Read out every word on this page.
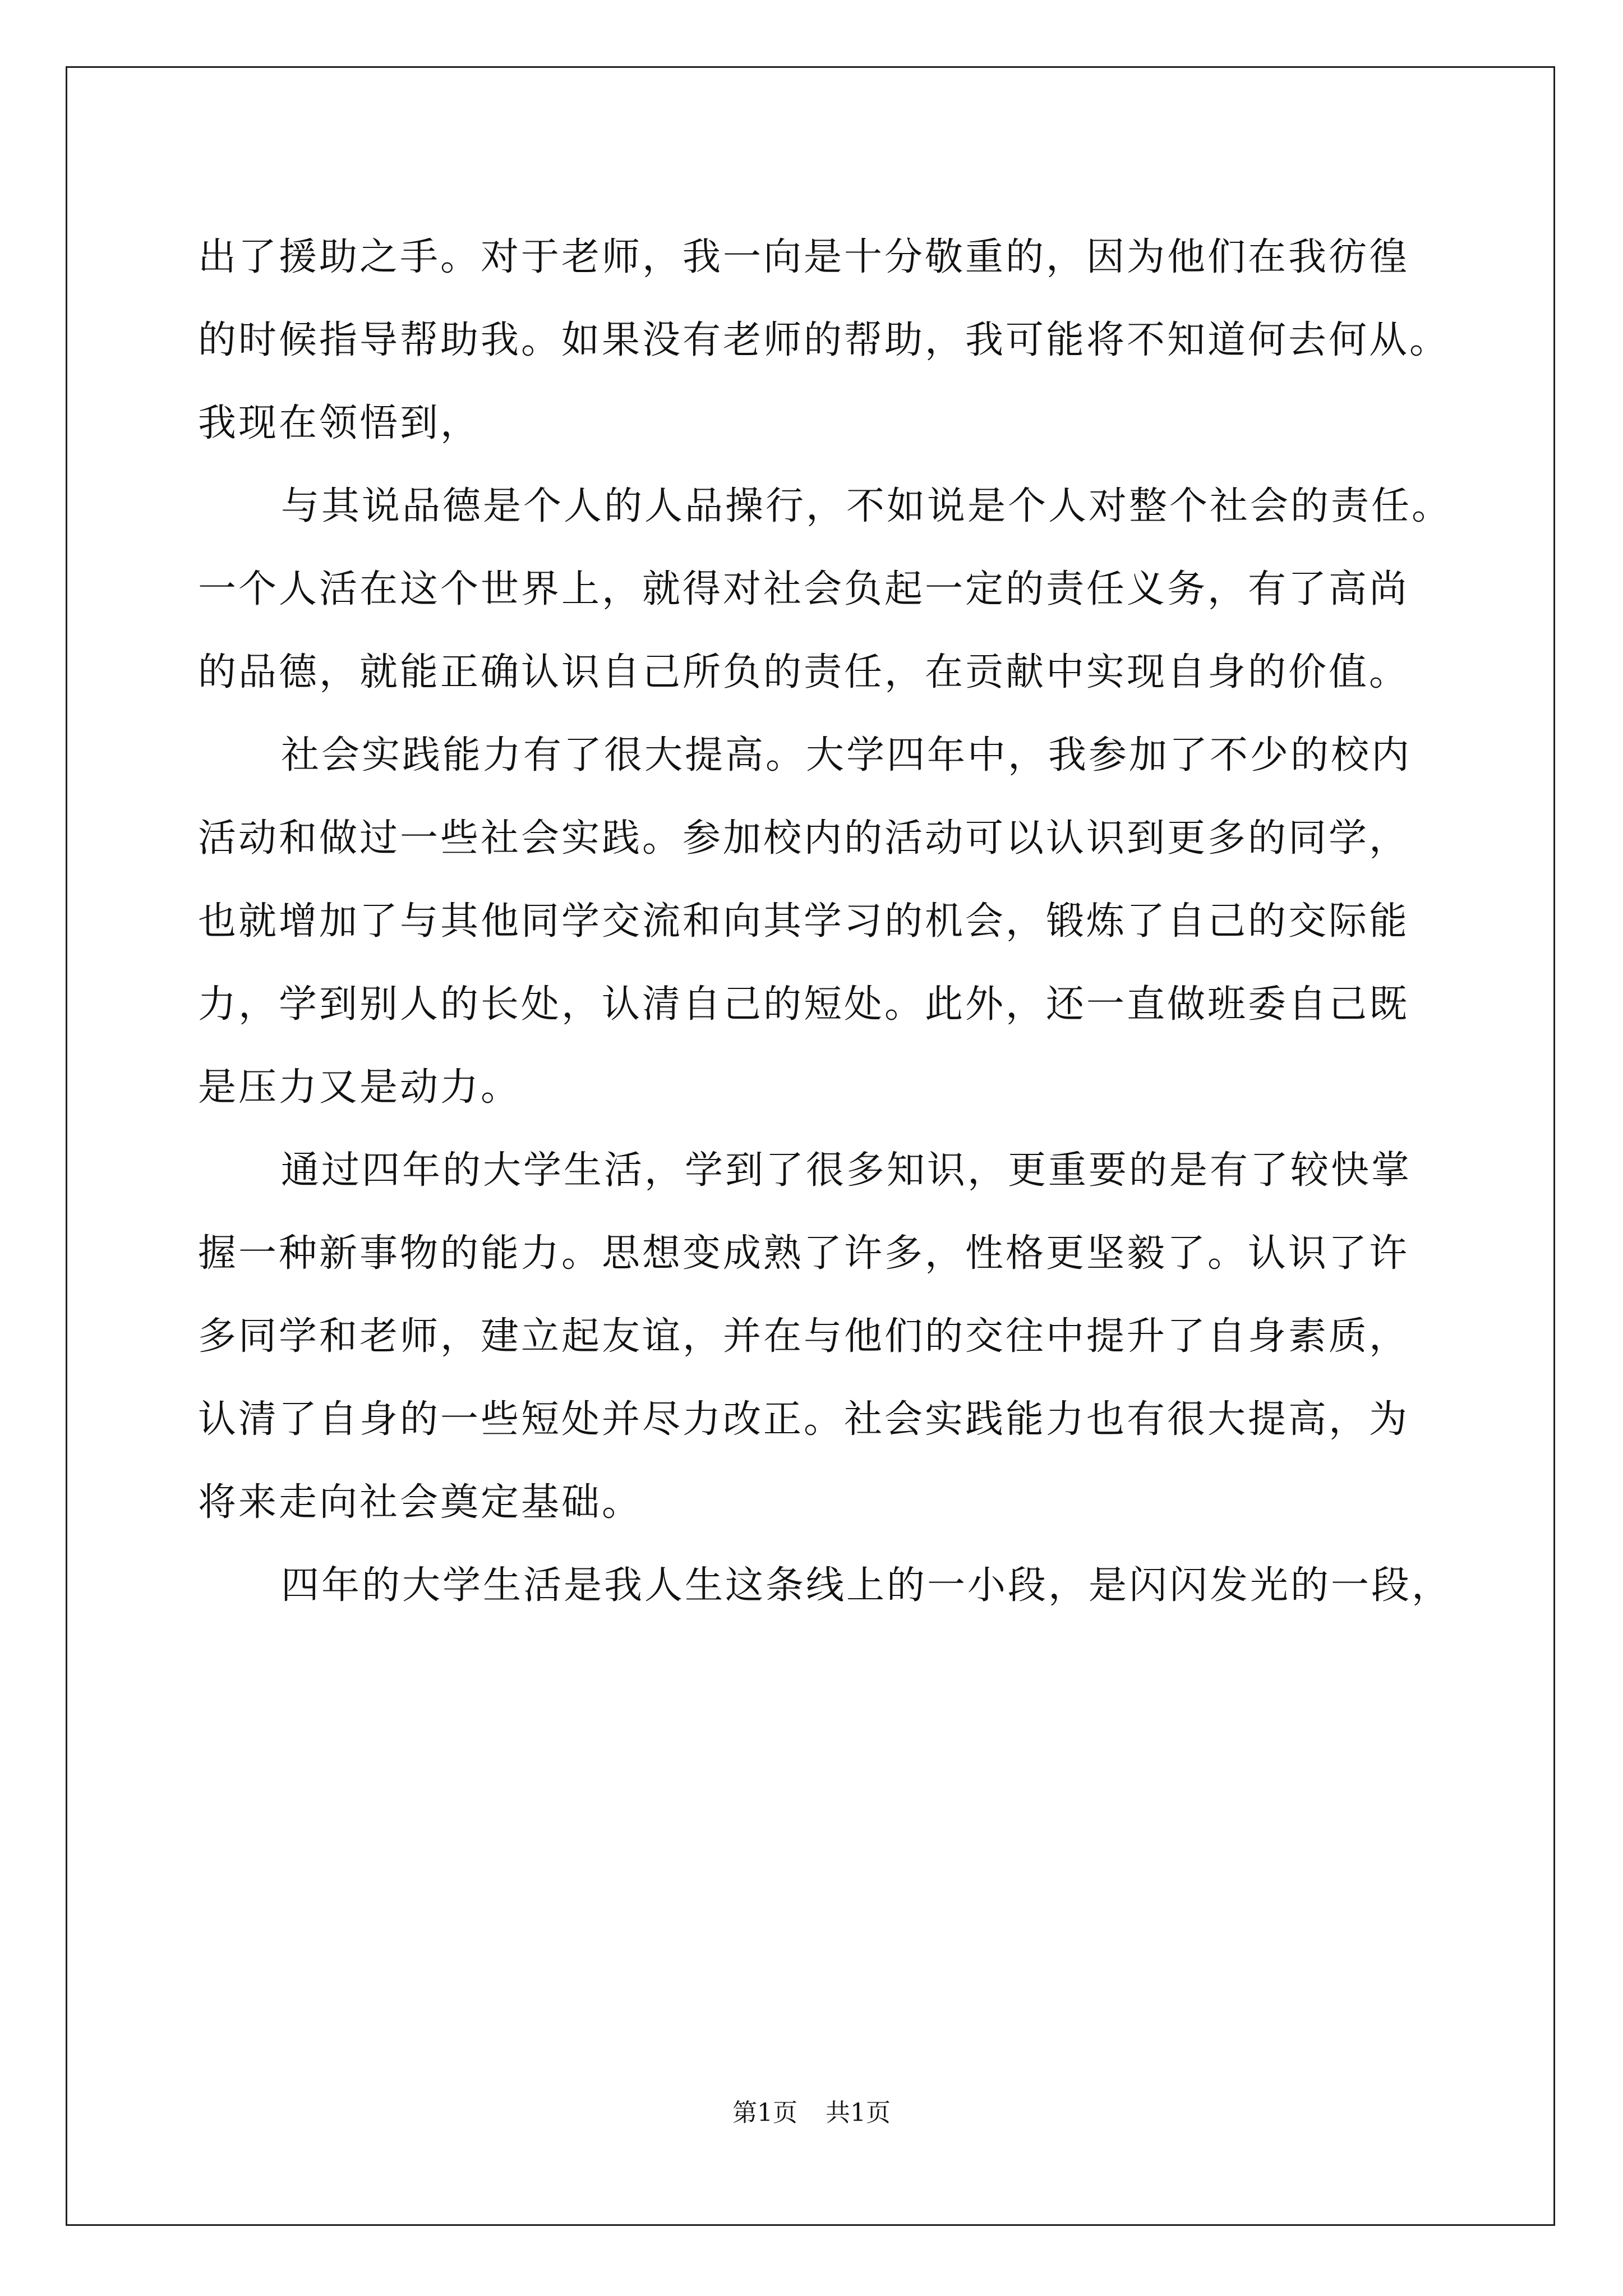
出了援助之手。对于老师，我一向是十分敬重的，因为他们在我彷徨
的时候指导帮助我。如果没有老师的帮助，我可能将不知道何去何从。
我现在领悟到，
与其说品德是个人的人品操行，不如说是个人对整个社会的责任。
一个人活在这个世界上，就得对社会负起一定的责任义务，有了高尚
的品德，就能正确认识自己所负的责任，在贡献中实现自身的价值。
社会实践能力有了很大提高。大学四年中，我参加了不少的校内
活动和做过一些社会实践。参加校内的活动可以认识到更多的同学，
也就增加了与其他同学交流和向其学习的机会，锻炼了自己的交际能
力，学到别人的长处，认清自己的短处。此外，还一直做班委自己既
是压力又是动力。
通过四年的大学生活，学到了很多知识，更重要的是有了较快掌
握一种新事物的能力。思想变成熟了许多，性格更坚毅了。认识了许
多同学和老师，建立起友谊，并在与他们的交往中提升了自身素质，
认清了自身的一些短处并尽力改正。社会实践能力也有很大提高，为
将来走向社会奠定基础。
四年的大学生活是我人生这条线上的一小段，是闪闪发光的一段，
第1页 共1页
